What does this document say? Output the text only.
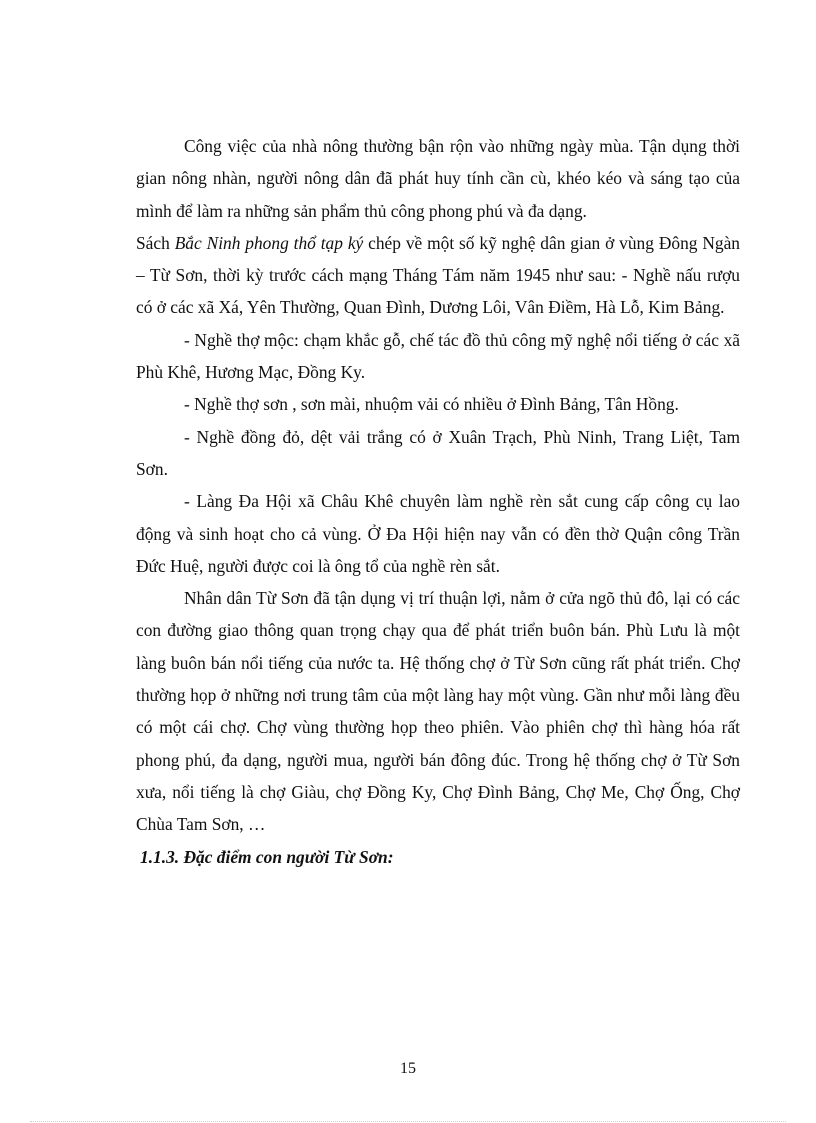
Công việc của nhà nông thường bận rộn vào những ngày mùa. Tận dụng thời gian nông nhàn, người nông dân đã phát huy tính cần cù, khéo kéo và sáng tạo của mình để làm ra những sản phẩm thủ công phong phú và đa dạng.

Sách Bắc Ninh phong thổ tạp ký chép về một số kỹ nghệ dân gian ở vùng Đông Ngàn – Từ Sơn, thời kỳ trước cách mạng Tháng Tám năm 1945 như sau: - Nghề nấu rượu có ở các xã Xá, Yên Thường, Quan Đình, Dương Lôi, Vân Điềm, Hà Lỗ, Kim Bảng.

- Nghề thợ mộc: chạm khắc gỗ, chế tác đồ thủ công mỹ nghệ nổi tiếng ở các xã Phù Khê, Hương Mạc, Đồng Ky.

- Nghề thợ sơn , sơn mài, nhuộm vải có nhiều ở Đình Bảng, Tân Hồng.

- Nghề đồng đỏ, dệt vải trắng có ở Xuân Trạch, Phù Ninh, Trang Liệt, Tam Sơn.

- Làng Đa Hội xã Châu Khê chuyên làm nghề rèn sắt cung cấp công cụ lao động và sinh hoạt cho cả vùng. Ở Đa Hội hiện nay vẫn có đền thờ Quận công Trần Đức Huệ, người được coi là ông tổ của nghề rèn sắt.

Nhân dân Từ Sơn đã tận dụng vị trí thuận lợi, nằm ở cửa ngõ thủ đô, lại có các con đường giao thông quan trọng chạy qua để phát triển buôn bán. Phù Lưu là một làng buôn bán nổi tiếng của nước ta. Hệ thống chợ ở Từ Sơn cũng rất phát triển. Chợ thường họp ở những nơi trung tâm của một làng hay một vùng. Gần như mỗi làng đều có một cái chợ. Chợ vùng thường họp theo phiên. Vào phiên chợ thì hàng hóa rất phong phú, đa dạng, người mua, người bán đông đúc. Trong hệ thống chợ ở Từ Sơn xưa, nổi tiếng là chợ Giàu, chợ Đồng Ky, Chợ Đình Bảng, Chợ Me, Chợ Ống, Chợ Chùa Tam Sơn, …

1.1.3. Đặc điểm con người Từ Sơn:

15
